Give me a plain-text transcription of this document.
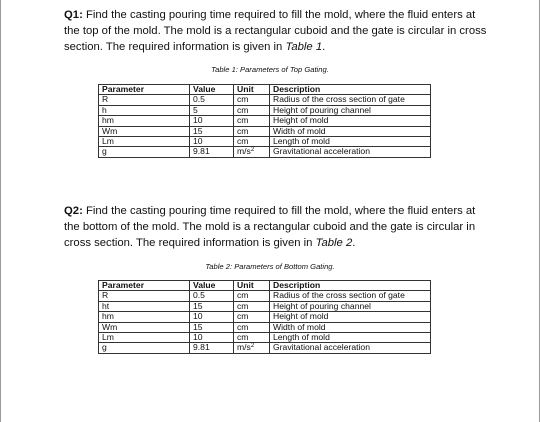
Q1: Find the casting pouring time required to fill the mold, where the fluid enters at the top of the mold. The mold is a rectangular cuboid and the gate is circular in cross section. The required information is given in Table 1.
Table 1: Parameters of Top Gating.
Parameter	Value	Unit	Description
R	0.5	cm	Radius of the cross section of gate
h	5	cm	Height of pouring channel
hm	10	cm	Height of mold
Wm	15	cm	Width of mold
Lm	10	cm	Length of mold
g	9.81	$m/s^2$	Gravitational acceleration
Q2: Find the casting pouring time required to fill the mold, where the fluid enters at the bottom of the mold. The mold is a rectangular cuboid and the gate is circular in cross section. The required information is given in Table 2.
Table 2: Parameters of Bottom Gating.
Parameter	Value	Unit	Description
R	0.5	cm	Radius of the cross section of gate
ht	15	cm	Height of pouring channel
hm	10	cm	Height of mold
Wm	15	cm	Width of mold
Lm	10	cm	Length of mold
g	9.81	$m/s^2$	Gravitational acceleration
